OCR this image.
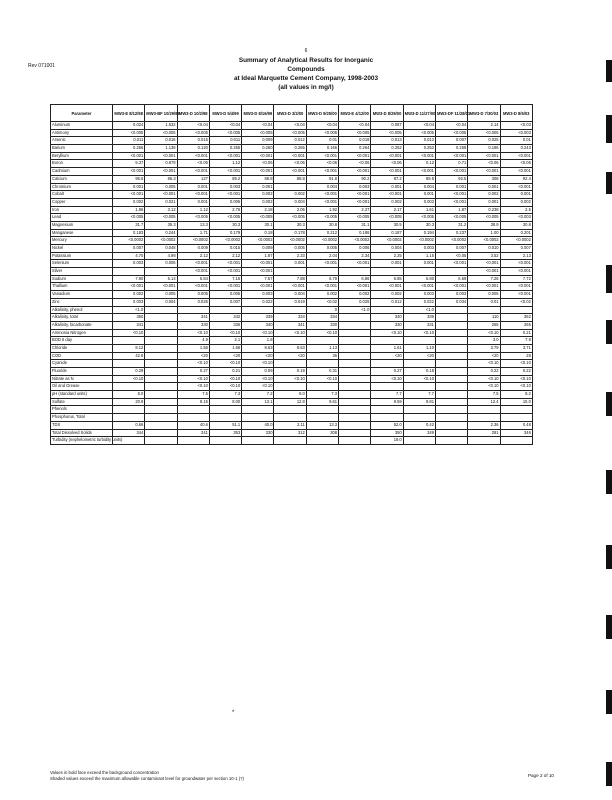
Rev 071001
6
Summary of Analytical Results for Inorganic
Compounds
at Ideal Marquette Cement Company, 1998-2003
(all values in mg/l)
Parameter	MW3-E 8/12/98	MW3-BF 10/29/98	MW3-D 10/2/98	MW3-D 5/4/99	MW3-D 8/16/99	MW3-D 3/2/00	MW3-D 9/25/00	MW3-E 4/12/00	MW3-D 8/29/00	MW3-D 11/27/00	MW3-DF 11/28/01	MW3-D 7/30/03	MW3-D 8/6/03
Aluminum	0.024	1.532	<0.04	<0.04	<0.04	<0.04	<0.04	<0.04	0.087	<0.04	<0.04	2.14	<0.03
Antimony	<0.005	<0.005	<0.005	<0.005	<0.005	<0.005	<0.005	<0.005	<0.005	<0.005	<0.005	<0.005	<0.003
Arsenic	0.011	0.016	0.015	0.011	0.009	0.012	0.01	0.018	0.013	0.013	0.007	0.025	0.01
Barium	0.256	1.138	0.120	0.255	0.260	0.265	0.166	0.264	0.252	0.253	0.258	0.196	0.243
Beryllium	<0.001	<0.001	<0.001	<0.001	<0.001	<0.001	<0.001	<0.001	<0.001	<0.001	<0.001	<0.001	<0.001
Boron	5.37	0.879	<0.06	1.12	<0.06	<0.06	<0.06	<0.06	<0.06	0.12	0.71	<0.06	<0.06
Cadmium	<0.001	<0.001	<0.001	<0.001	<0.001	<0.001	<0.001	<0.001	<0.001	<0.001	<0.001	<0.001	<0.001
Calcium	96.5	86.3	127	89.2	88.8	88.8	91.8	90.2	87.2	89.8	92.5	308	92.4
Chromium	0.001	0.005	0.001	0.003	0.001		0.004	0.003	0.001	0.004	0.001	0.001	<0.001
Cobalt	<0.001	<0.001	<0.001	<0.001	0.002	0.002	<0.001	<0.001	<0.001	0.001	<0.001	0.002	0.001
Copper	0.002	0.021	0.001	0.006	0.002	0.004	<0.001	<0.001	0.002	0.003	<0.001	0.001	0.002
Iron	1.86	3.12	1.12	2.76	2.18	2.05	1.92	2.27	2.17	1.61	1.87	0.238	2.5
Lead	<0.005	<0.005	<0.005	<0.005	<0.005	<0.005	<0.005	<0.005	<0.005	<0.005	<0.005	<0.005	<0.003
Magnesium	31.7	35.3	13.3	30.3	30.1	30.3	30.8	31.1	30.5	30.3	31.2	38.9	30.8
Manganese	0.183	0.244	1.71	0.179	0.18	0.178	0.212	0.186	0.187	0.194	0.237	1.00	0.201
Mercury	<0.0002	<0.0002	<0.0002	<0.0002	<0.0002	<0.0002	<0.0002	<0.0002	<0.0002	<0.0002	<0.0002	<0.0002	<0.0002
Nickel	0.007	0.048	0.009	0.015	0.009	0.005	0.005	0.006	0.004	0.003	0.007	0.010	0.007
Potassium	4.70	4.98	2.12	2.12	1.87	2.33	2.04	2.34	2.25	1.15	<0.05	3.52	2.13
Selenium	0.003	0.005	<0.001	<0.001	<0.001	0.001	<0.001	<0.001	0.001	0.001	<0.001	<0.001	<0.001
Silver			<0.001	<0.001	<0.001							<0.001	<0.001
Sodium	7.90	5.14	5.84	7.16	7.57	7.88	6.79	6.86	6.85	6.80	6.69	7.26	7.72
Thallium	<0.001	<0.001	<0.001	<0.001	<0.001	<0.001	<0.001	<0.001	<0.001	<0.001	<0.001	<0.001	<0.001
Vanadium	0.002	0.005	0.005	0.005	0.003	0.004	0.002	0.002	0.002	0.003	0.003	0.005	<0.001
Zinc	0.003	0.004	0.026	0.007	0.022	0.019	<0.02	0.025	0.012	0.022	0.034	0.01	<0.02
Alkalinity, phenol	<1.0						0	<1.0		<1.0			
Alkalinity, total	350		341	342	339	334	334		340	339		110	362
Alkalinity, bicarbonate	341		330	336	340	341	330		330	331		265	265
Ammonia Nitrogen	<0.10		<0.10	<0.10	<0.10	<0.10	<0.10		<0.10	<0.10		<0.10	0.21
BOD 5 day			4.9	2.1	1.8							3.0	7.8
Chloride	8.12		1.56	1.66	8.63	8.63	1.13		1.61	1.10		3.79	3.71
COD	42.8		<20	<20	<20	<20	36		<20	<20		<20	28
Cyanide			<0.10	<0.10	<0.10							<0.10	<0.10
Fluoride	0.29		0.27	0.21	0.09	0.19	0.31		0.27	0.18		0.22	0.22
Nitrate as N	<0.10		<0.10	<0.10	<0.10	<0.10	<0.10		<0.10	<0.10		<0.10	<0.10
Oil and Grease			<0.10	<0.10	<0.10							<0.10	<0.10
pH (standard units)	8.0		7.5	7.3	7.2	8.0	7.3		7.7	7.7		7.5	8.2
Sulfate	20.9		9.15	8.00	13.1	12.8	9.61		9.59	9.81		12.4	15.0
Phenols													
Phosphorus, Total													
TDS	0.66		40.6	51.1	40.0	2.11	13.3		52.0	0.42		2.36	0.48
Total Dissolved Solids	344		341	353	330	312	308		350	349		281	346
Turbidity (nephelometric turbidity units)									19.0				
*
Values in bold face exceed the background concentration
Shaded values exceed the maximum allowable contaminant level for groundwater per section 10-1 (?)
Page 2 of 10
